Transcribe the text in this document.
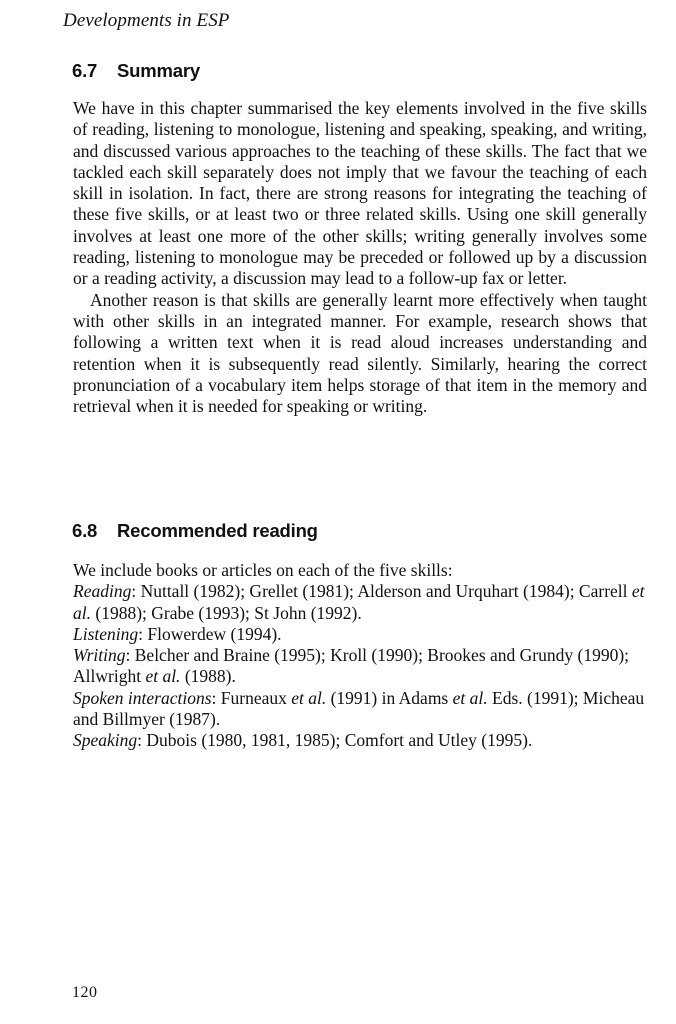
Developments in ESP
6.7 Summary

We have in this chapter summarised the key elements involved in the five skills of reading, listening to monologue, listening and speaking, speaking, and writing, and discussed various approaches to the teaching of these skills. The fact that we tackled each skill separately does not imply that we favour the teaching of each skill in isolation. In fact, there are strong reasons for integrating the teaching of these five skills, or at least two or three related skills. Using one skill generally involves at least one more of the other skills; writing generally involves some reading, listening to monologue may be preceded or followed up by a discussion or a reading activity, a discussion may lead to a follow-up fax or letter.

Another reason is that skills are generally learnt more effectively when taught with other skills in an integrated manner. For example, research shows that following a written text when it is read aloud increases understanding and retention when it is subsequently read silently. Similarly, hearing the correct pronunciation of a vocabulary item helps storage of that item in the memory and retrieval when it is needed for speaking or writing.

6.8 Recommended reading

We include books or articles on each of the five skills:

Reading: Nuttall (1982); Grellet (1981); Alderson and Urquhart (1984); Carrell et al. (1988); Grabe (1993); St John (1992).

Listening: Flowerdew (1994).

Writing: Belcher and Braine (1995); Kroll (1990); Brookes and Grundy (1990); Allwright et al. (1988).

Spoken interactions: Furneaux et al. (1991) in Adams et al. Eds. (1991); Micheau and Billmyer (1987).

Speaking: Dubois (1980, 1981, 1985); Comfort and Utley (1995).

120
